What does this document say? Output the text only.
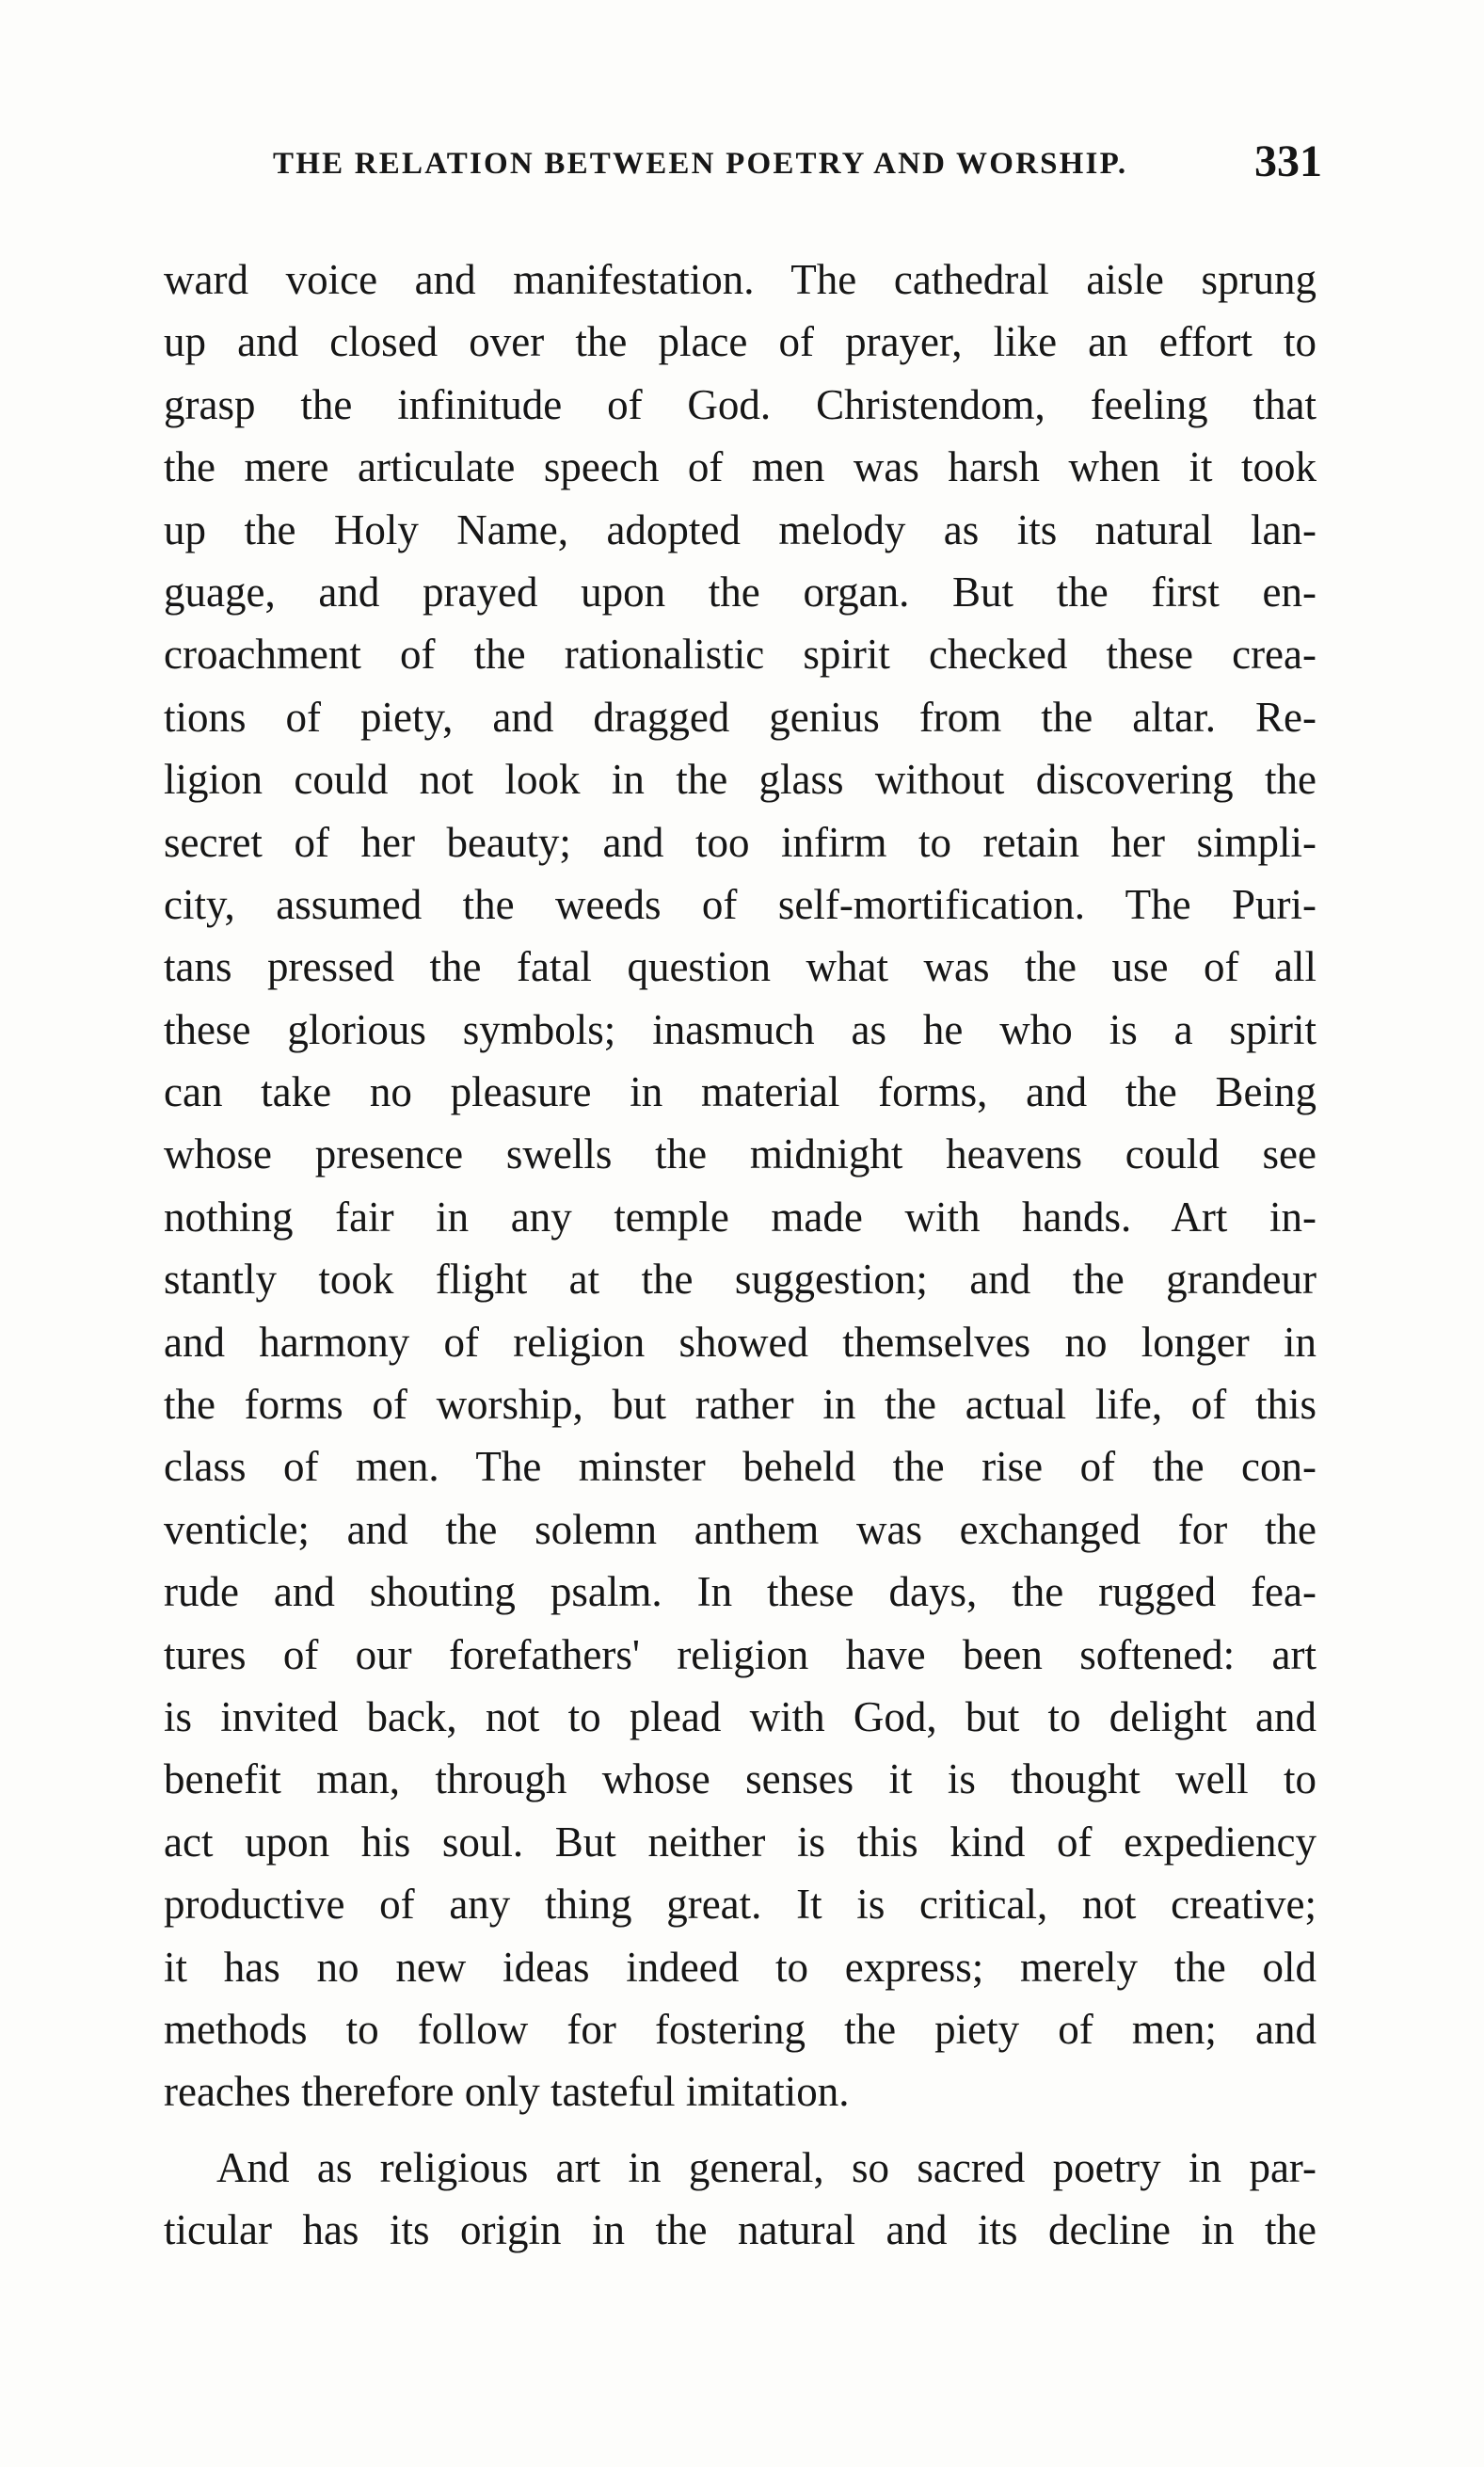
THE RELATION BETWEEN POETRY AND WORSHIP.	331
ward voice and manifestation. The cathedral aisle sprung
up and closed over the place of prayer, like an effort to
grasp the infinitude of God. Christendom, feeling that
the mere articulate speech of men was harsh when it took
up the Holy Name, adopted melody as its natural lan-
guage, and prayed upon the organ. But the first en-
croachment of the rationalistic spirit checked these crea-
tions of piety, and dragged genius from the altar. Re-
ligion could not look in the glass without discovering the
secret of her beauty; and too infirm to retain her simpli-
city, assumed the weeds of self-mortification. The Puri-
tans pressed the fatal question what was the use of all
these glorious symbols; inasmuch as he who is a spirit
can take no pleasure in material forms, and the Being
whose presence swells the midnight heavens could see
nothing fair in any temple made with hands. Art in-
stantly took flight at the suggestion; and the grandeur
and harmony of religion showed themselves no longer in
the forms of worship, but rather in the actual life, of this
class of men. The minster beheld the rise of the con-
venticle; and the solemn anthem was exchanged for the
rude and shouting psalm. In these days, the rugged fea-
tures of our forefathers' religion have been softened: art
is invited back, not to plead with God, but to delight and
benefit man, through whose senses it is thought well to
act upon his soul. But neither is this kind of expediency
productive of any thing great. It is critical, not creative;
it has no new ideas indeed to express; merely the old
methods to follow for fostering the piety of men; and
reaches therefore only tasteful imitation.
And as religious art in general, so sacred poetry in par-
ticular has its origin in the natural and its decline in the
